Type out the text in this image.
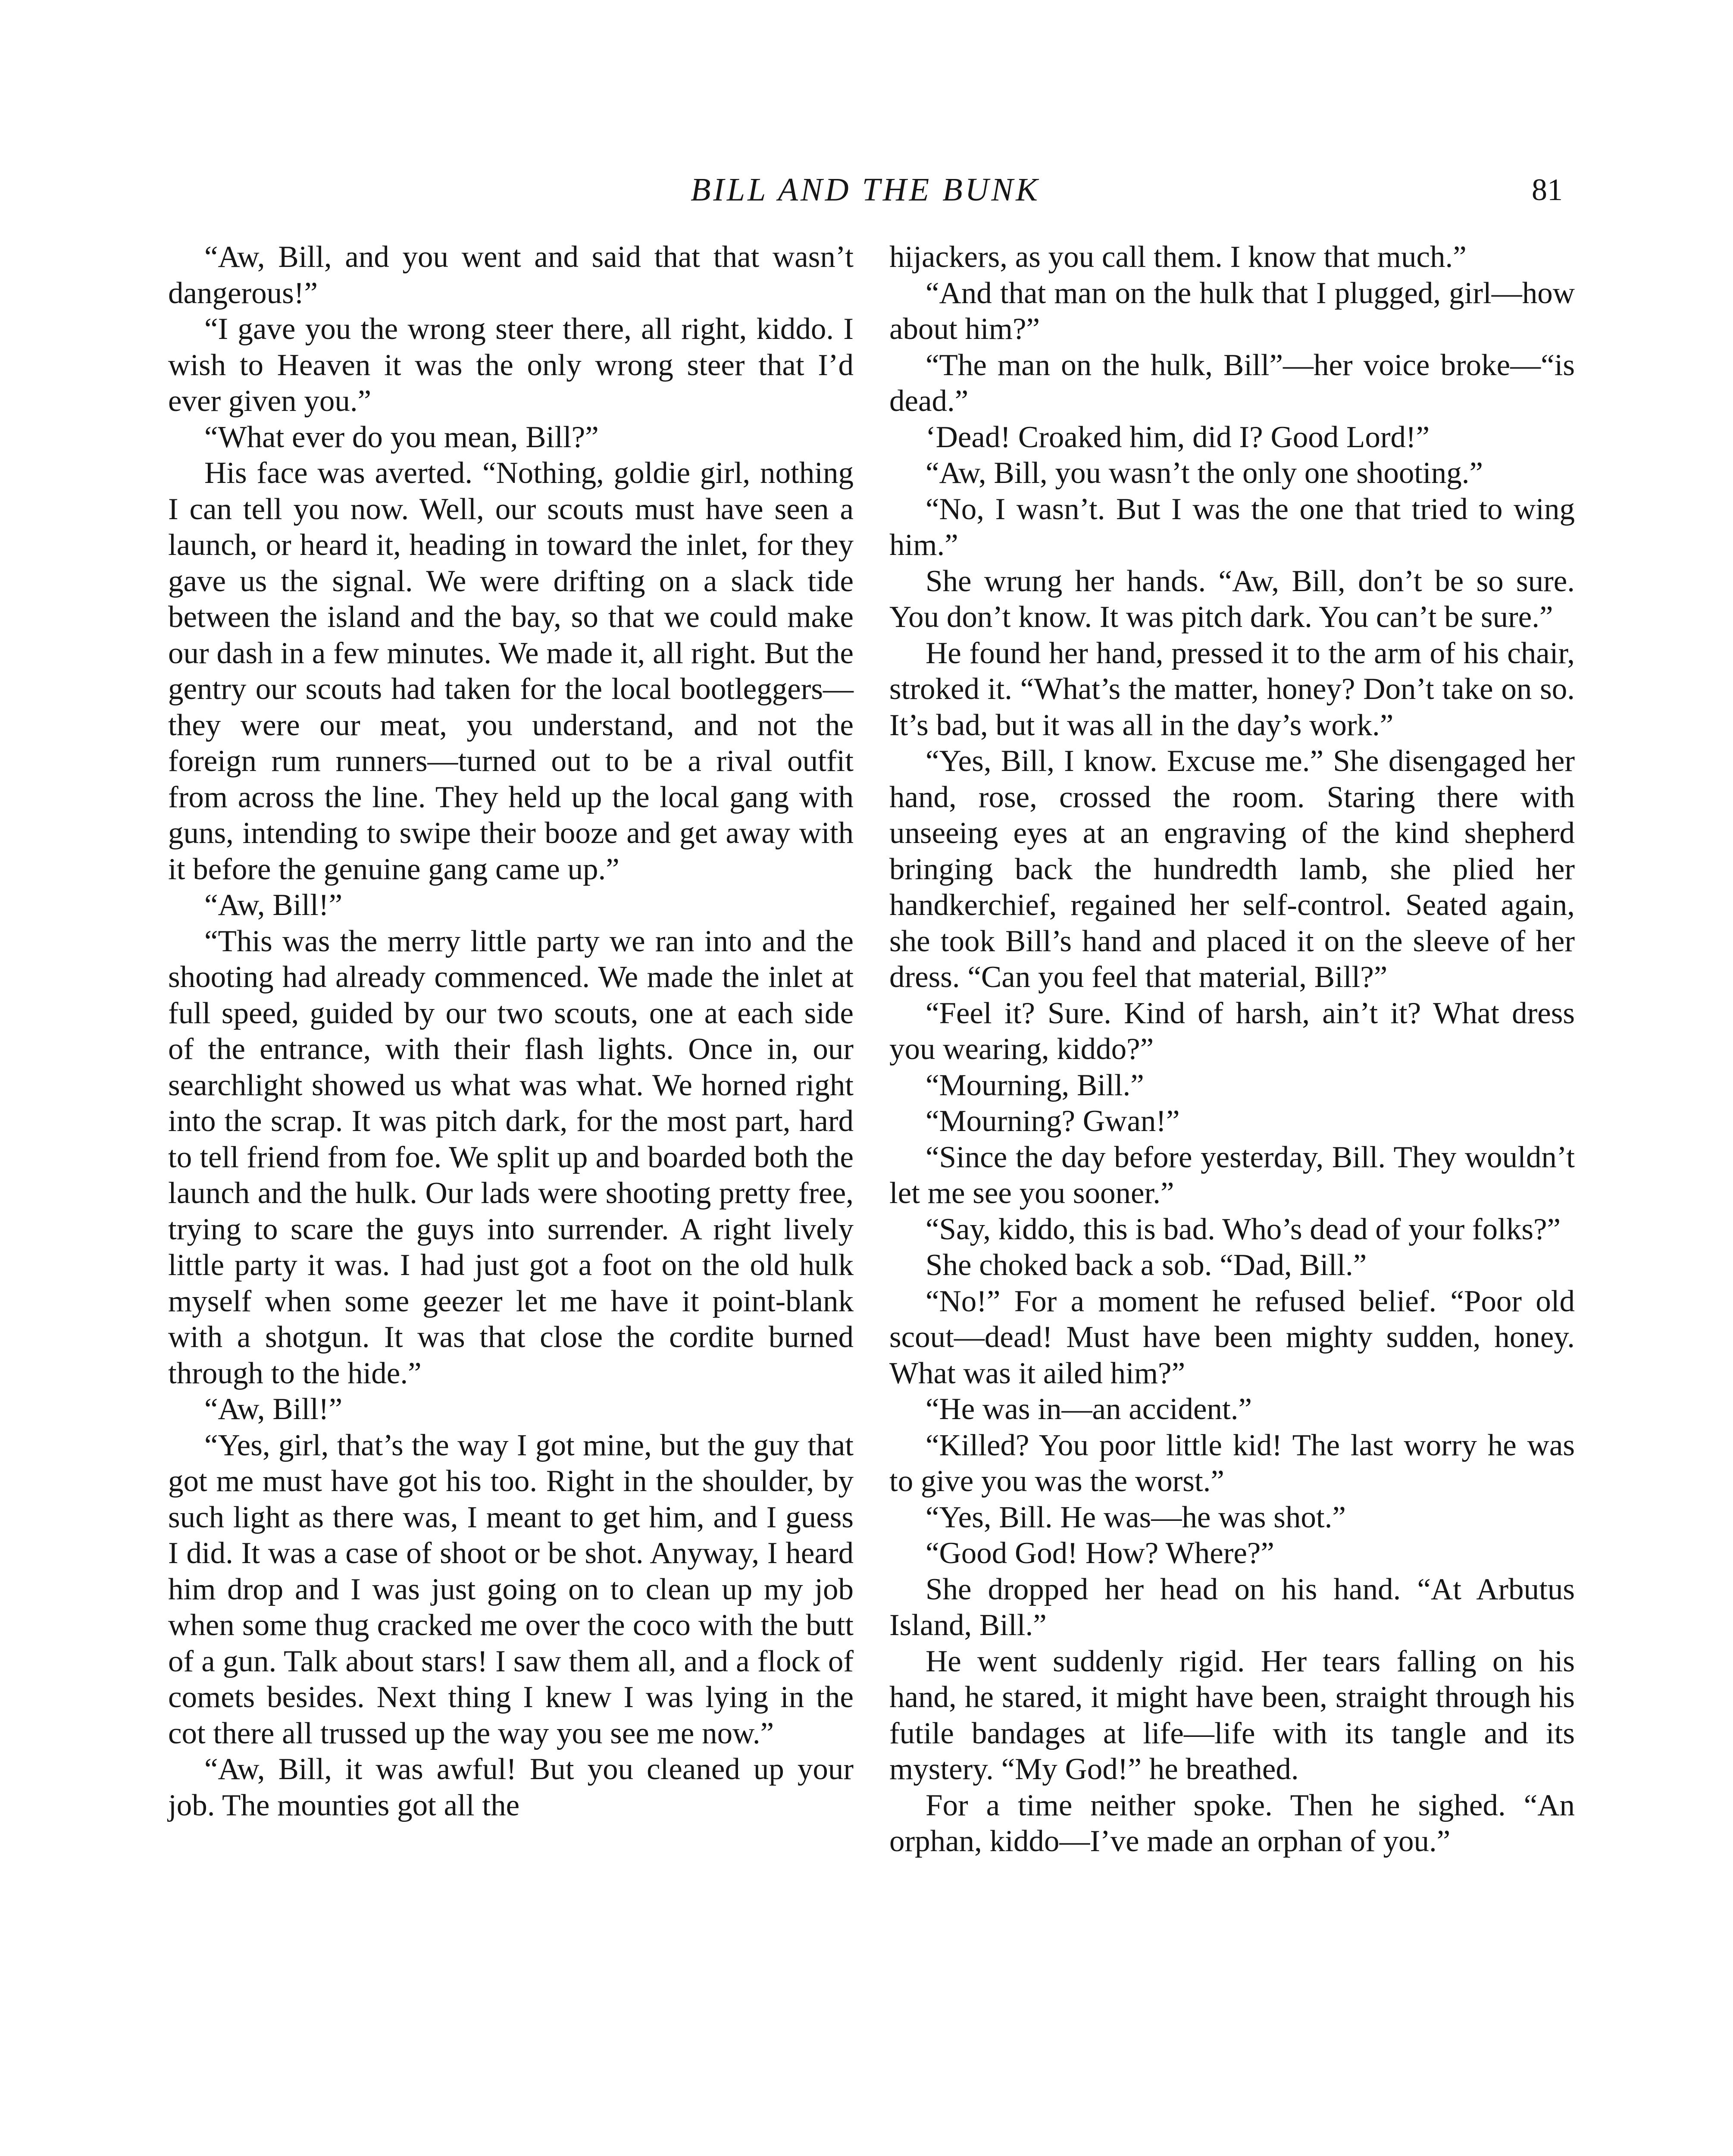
BILL AND THE BUNK	81

“Aw, Bill, and you went and said that that wasn’t dangerous!”

“I gave you the wrong steer there, all right, kiddo. I wish to Heaven it was the only wrong steer that I’d ever given you.”

“What ever do you mean, Bill?”

His face was averted. “Nothing, goldie girl, nothing I can tell you now. Well, our scouts must have seen a launch, or heard it, heading in toward the inlet, for they gave us the signal. We were drifting on a slack tide between the island and the bay, so that we could make our dash in a few minutes. We made it, all right. But the gentry our scouts had taken for the local bootleggers—they were our meat, you understand, and not the foreign rum runners—turned out to be a rival outfit from across the line. They held up the local gang with guns, intending to swipe their booze and get away with it before the genuine gang came up.”

“Aw, Bill!”

“This was the merry little party we ran into and the shooting had already commenced. We made the inlet at full speed, guided by our two scouts, one at each side of the entrance, with their flash lights. Once in, our searchlight showed us what was what. We horned right into the scrap. It was pitch dark, for the most part, hard to tell friend from foe. We split up and boarded both the launch and the hulk. Our lads were shooting pretty free, trying to scare the guys into surrender. A right lively little party it was. I had just got a foot on the old hulk myself when some geezer let me have it point-blank with a shotgun. It was that close the cordite burned through to the hide.”

“Aw, Bill!”

“Yes, girl, that’s the way I got mine, but the guy that got me must have got his too. Right in the shoulder, by such light as there was, I meant to get him, and I guess I did. It was a case of shoot or be shot. Anyway, I heard him drop and I was just going on to clean up my job when some thug cracked me over the coco with the butt of a gun. Talk about stars! I saw them all, and a flock of comets besides. Next thing I knew I was lying in the cot there all trussed up the way you see me now.”

“Aw, Bill, it was awful! But you cleaned up your job. The mounties got all the

hijackers, as you call them. I know that much.”

“And that man on the hulk that I plugged, girl—how about him?”

“The man on the hulk, Bill”—her voice broke—“is dead.”

‘Dead! Croaked him, did I? Good Lord!”

“Aw, Bill, you wasn’t the only one shooting.”

“No, I wasn’t. But I was the one that tried to wing him.”

She wrung her hands. “Aw, Bill, don’t be so sure. You don’t know. It was pitch dark. You can’t be sure.”

He found her hand, pressed it to the arm of his chair, stroked it. “What’s the matter, honey? Don’t take on so. It’s bad, but it was all in the day’s work.”

“Yes, Bill, I know. Excuse me.” She disengaged her hand, rose, crossed the room. Staring there with unseeing eyes at an engraving of the kind shepherd bringing back the hundredth lamb, she plied her handkerchief, regained her self-control. Seated again, she took Bill’s hand and placed it on the sleeve of her dress. “Can you feel that material, Bill?”

“Feel it? Sure. Kind of harsh, ain’t it? What dress you wearing, kiddo?”

“Mourning, Bill.”

“Mourning? Gwan!”

“Since the day before yesterday, Bill. They wouldn’t let me see you sooner.”

“Say, kiddo, this is bad. Who’s dead of your folks?”

She choked back a sob. “Dad, Bill.”

“No!” For a moment he refused belief. “Poor old scout—dead! Must have been mighty sudden, honey. What was it ailed him?”

“He was in—an accident.”

“Killed? You poor little kid! The last worry he was to give you was the worst.”

“Yes, Bill. He was—he was shot.”

“Good God! How? Where?”

She dropped her head on his hand. “At Arbutus Island, Bill.”

He went suddenly rigid. Her tears falling on his hand, he stared, it might have been, straight through his futile bandages at life—life with its tangle and its mystery. “My God!” he breathed.

For a time neither spoke. Then he sighed. “An orphan, kiddo—I’ve made an orphan of you.”
